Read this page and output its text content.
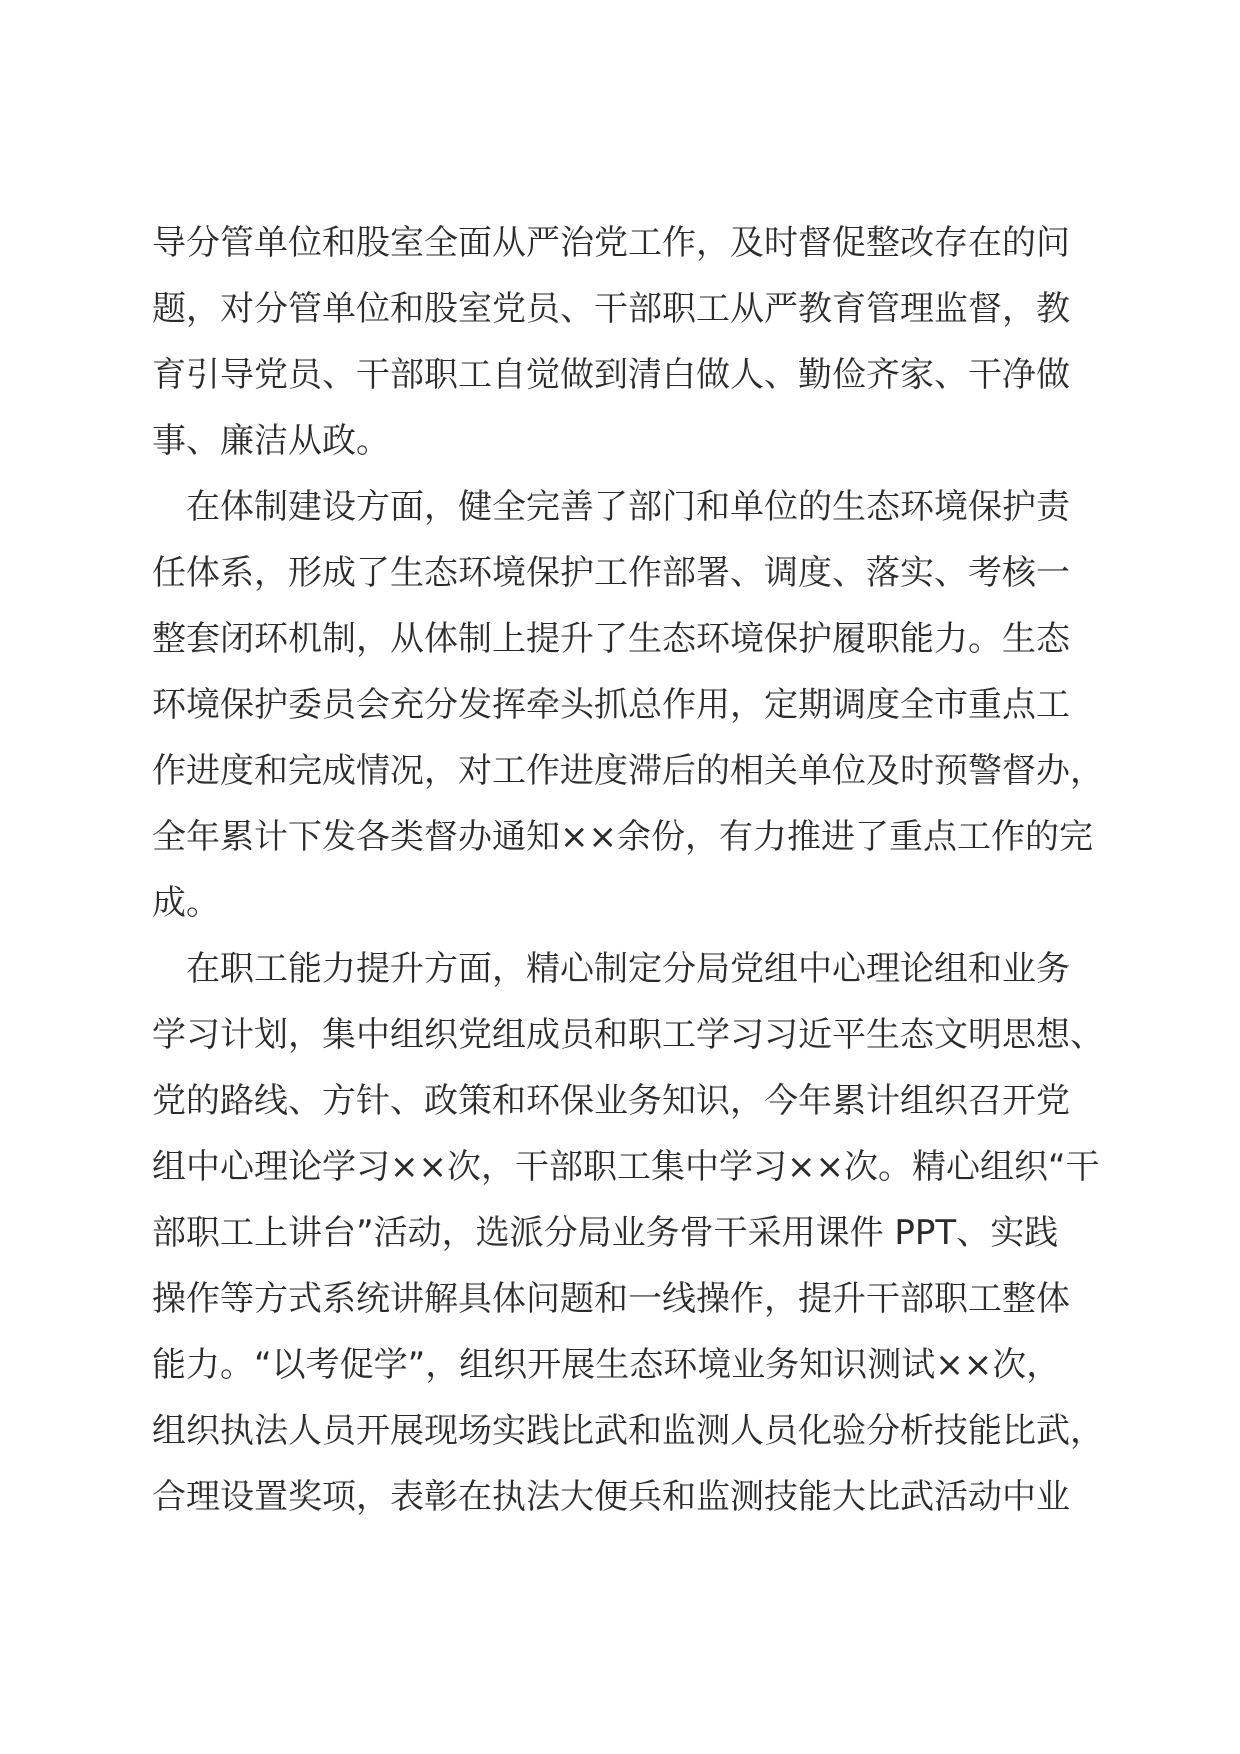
导分管单位和股室全面从严治党工作，及时督促整改存在的问
题，对分管单位和股室党员、干部职工从严教育管理监督，教
育引导党员、干部职工自觉做到清白做人、勤俭齐家、干净做
事、廉洁从政。
在体制建设方面，健全完善了部门和单位的生态环境保护责
任体系，形成了生态环境保护工作部署、调度、落实、考核一
整套闭环机制，从体制上提升了生态环境保护履职能力。生态
环境保护委员会充分发挥牵头抓总作用，定期调度全市重点工
作进度和完成情况，对工作进度滞后的相关单位及时预警督办，
全年累计下发各类督办通知××余份，有力推进了重点工作的完
成。
在职工能力提升方面，精心制定分局党组中心理论组和业务
学习计划，集中组织党组成员和职工学习习近平生态文明思想、
党的路线、方针、政策和环保业务知识，今年累计组织召开党
组中心理论学习××次，干部职工集中学习××次。精心组织“干
部职工上讲台”活动，选派分局业务骨干采用课件 PPT、实践
操作等方式系统讲解具体问题和一线操作，提升干部职工整体
能力。“以考促学”，组织开展生态环境业务知识测试××次，
组织执法人员开展现场实践比武和监测人员化验分析技能比武，
合理设置奖项，表彰在执法大便兵和监测技能大比武活动中业
